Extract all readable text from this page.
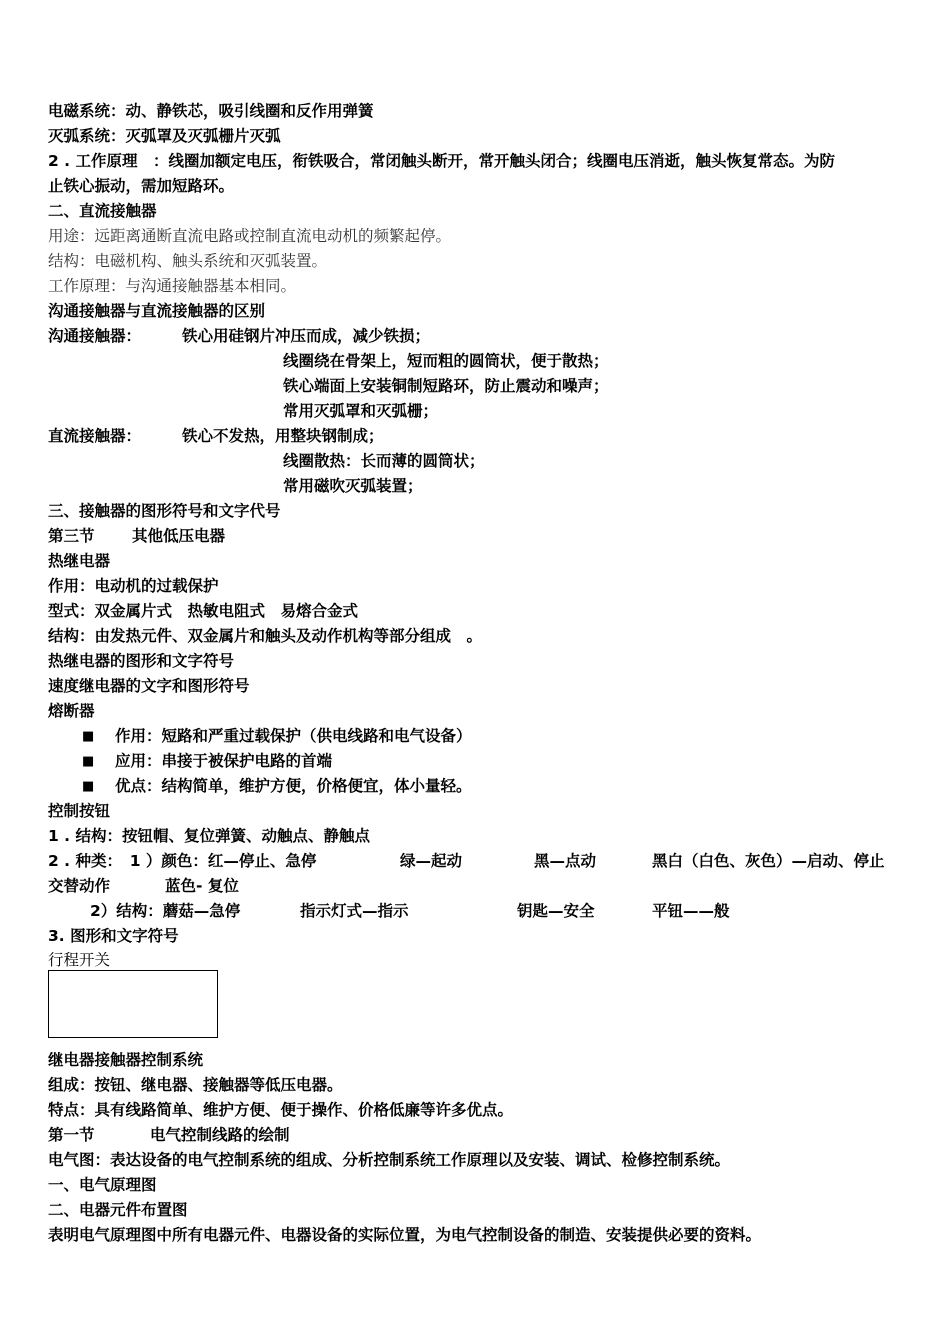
电磁系统：动、静铁芯，吸引线圈和反作用弹簧
灭弧系统：灭弧罩及灭弧栅片灭弧
2 . 工作原理　：线圈加额定电压，衔铁吸合，常闭触头断开，常开触头闭合；线圈电压消逝，触头恢复常态。为防
止铁心振动，需加短路环。
二、直流接触器
用途：远距离通断直流电路或控制直流电动机的频繁起停。
结构：电磁机构、触头系统和灭弧装置。
工作原理：与沟通接触器基本相同。
沟通接触器与直流接触器的区别
沟通接触器：	铁心用硅钢片冲压而成，减少铁损；
线圈绕在骨架上，短而粗的圆筒状，便于散热；
铁心端面上安装铜制短路环，防止震动和噪声；
常用灭弧罩和灭弧栅；
直流接触器：	铁心不发热，用整块钢制成；
线圈散热：长而薄的圆筒状；
常用磁吹灭弧装置；
三、接触器的图形符号和文字代号
第三节 其他低压电器
热继电器
作用：电动机的过载保护
型式：双金属片式　热敏电阻式　易熔合金式
结构：由发热元件、双金属片和触头及动作机构等部分组成　。
热继电器的图形和文字符号
速度继电器的文字和图形符号
熔断器
■ 作用：短路和严重过载保护（供电线路和电气设备）
■ 应用：串接于被保护电路的首端
■ 优点：结构简单，维护方便，价格便宜，体小量轻。
控制按钮
1 . 结构：按钮帽、复位弹簧、动触点、静触点
2 . 种类：　1 ）颜色：红—停止、急停	绿—起动	黑—点动	黑白（白色、灰色）—启动、停止
交替动作	蓝色- 复位
2）结构：蘑菇—急停	指示灯式—指示	钥匙—安全	平钮——般
3. 图形和文字符号
行程开关
继电器接触器控制系统
组成：按钮、继电器、接触器等低压电器。
特点：具有线路简单、维护方便、便于操作、价格低廉等许多优点。
第一节	电气控制线路的绘制
电气图：表达设备的电气控制系统的组成、分析控制系统工作原理以及安装、调试、检修控制系统。
一、电气原理图
二、电器元件布置图
表明电气原理图中所有电器元件、电器设备的实际位置，为电气控制设备的制造、安装提供必要的资料。
